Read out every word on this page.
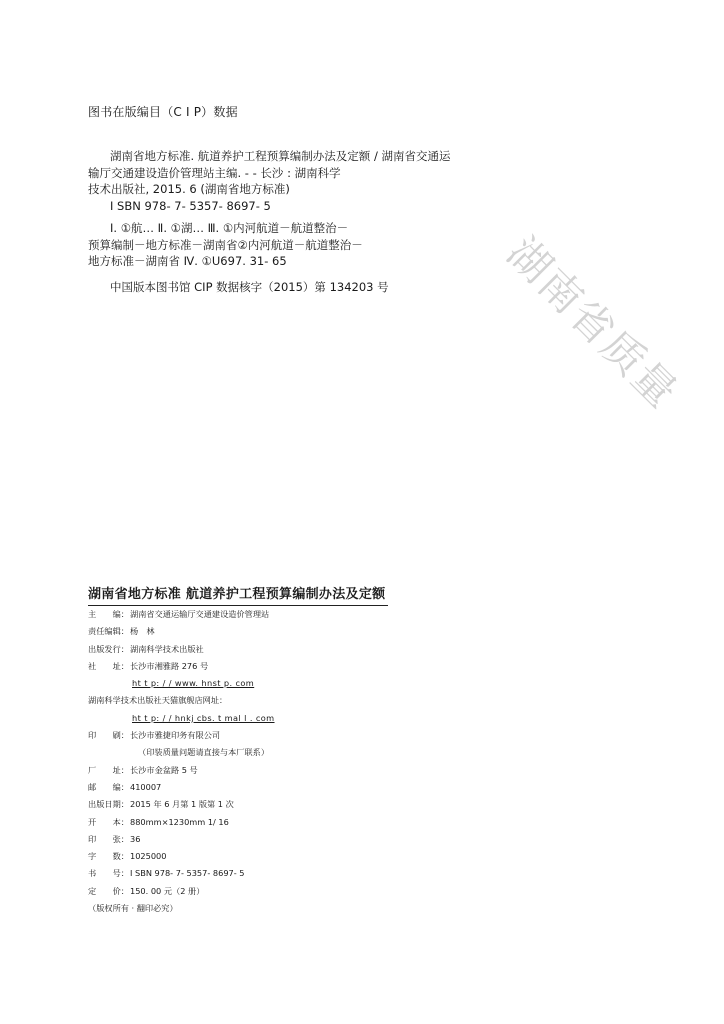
湖南省质量
图书在版编目（C I P）数据

湖南省地方标准. 航道养护工程预算编制办法及定额 / 湖南省交通运
输厅交通建设造价管理站主编. - - 长沙 : 湖南科学
技术出版社, 2015. 6 (湖南省地方标准)
I SBN 978- 7- 5357- 8697- 5

Ⅰ. ①航… Ⅱ. ①湖… Ⅲ. ①内河航道－航道整治－
预算编制－地方标准－湖南省②内河航道－航道整治－
地方标准－湖南省 Ⅳ. ①U697. 31- 65

中国版本图书馆 CIP 数据核字（2015）第 134203 号

湖南省地方标准 航道养护工程预算编制办法及定额
主　　编：湖南省交通运输厅交通建设造价管理站
责任编辑：杨　林
出版发行：湖南科学技术出版社
社　　址：长沙市湘雅路 276 号
ht t p: / / www. hnst p. com
湖南科学技术出版社天猫旗舰店网址：
ht t p: / / hnkj cbs. t mal l . com
印　　刷：长沙市雅捷印务有限公司
（印装质量问题请直接与本厂联系）
厂　　址：长沙市金盆路 5 号
邮　　编：410007
出版日期：2015 年 6 月第 1 版第 1 次
开　　本：880mm×1230mm 1/ 16
印　　张：36
字　　数：1025000
书　　号：I SBN 978- 7- 5357- 8697- 5
定　　价：150. 00 元（2 册）
（版权所有 · 翻印必究）
